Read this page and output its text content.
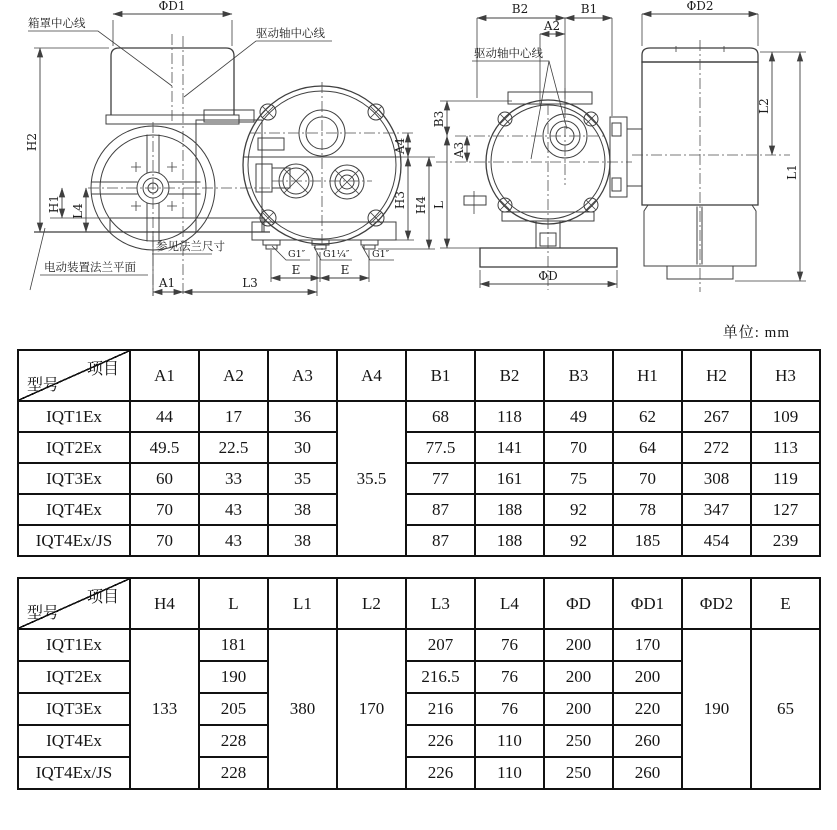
ΦD1
箱罩中心线
驱动轴中心线
H2
H1 L4
参见法兰尺寸
电动装置法兰平面
A1	L3
A4
H3 H4
G1″ G1¼″ G1″
E	E	ΦD
B2	B1
A2
驱动轴中心线
B3
A3
L
ΦD2
L2
L1
单位: mm
项目
型号	A1	A2	A3	A4	B1	B2	B3	H1	H2	H3
IQT1Ex	44	17	36	35.5	68	118	49	62	267	109
IQT2Ex	49.5	22.5	30		77.5	141	70	64	272	113
IQT3Ex	60	33	35		77	161	75	70	308	119
IQT4Ex	70	43	38		87	188	92	78	347	127
IQT4Ex/JS	70	43	38		87	188	92	185	454	239
项目
型号	H4	L	L1	L2	L3	L4	ΦD	ΦD1	ΦD2	E
IQT1Ex	133	181	380	170	207	76	200	170	190	65
IQT2Ex		190			216.5	76	200	200		
IQT3Ex		205			216	76	200	220		
IQT4Ex		228			226	110	250	260		
IQT4Ex/JS		228			226	110	250	260		
